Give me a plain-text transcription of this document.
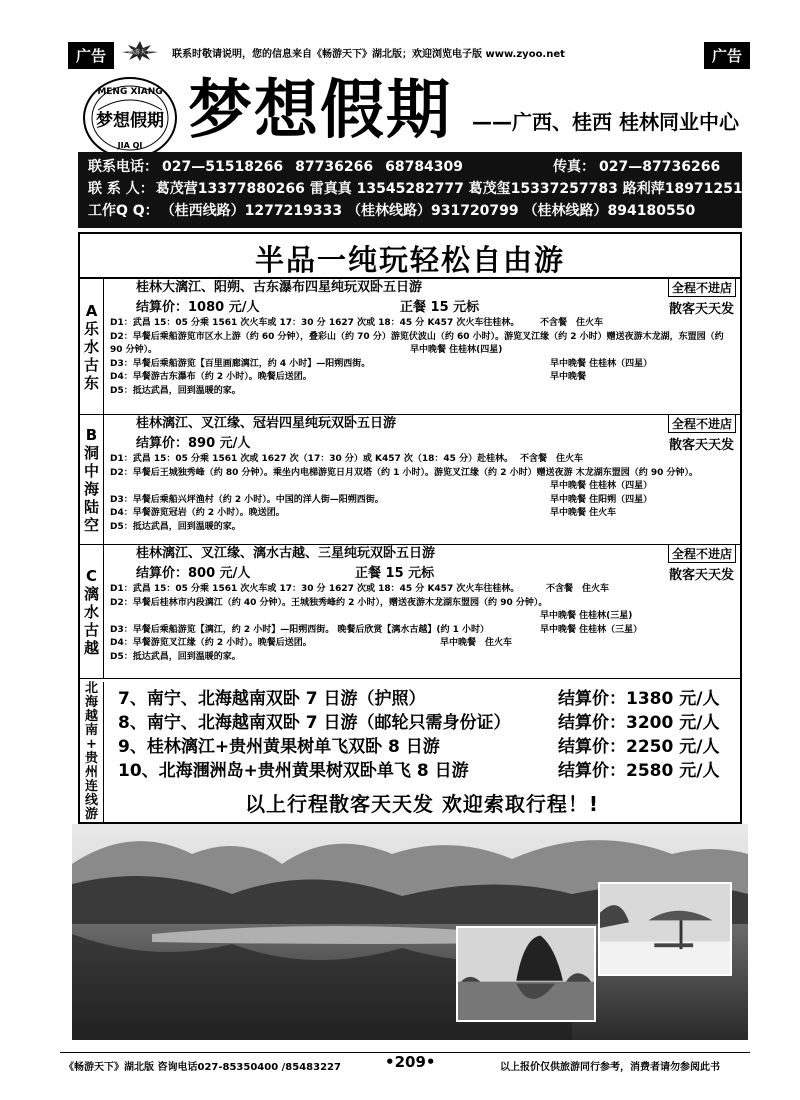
广告	广告
畅游天下 联系时敬请说明，您的信息来自《畅游天下》湖北版；欢迎浏览电子版 www.zyoo.net
MENG XIANG
梦想假期
JIA QI 梦想假期 ——广西、桂西 桂林同业中心
联系电话： 027—51518266 87736266 68784309	传真： 027—87736266
联 系 人： 葛茂营13377880266 雷真真 13545282777 葛茂玺15337257783 路利萍18971251563
工作Q Q： （桂西线路）1277219333 （桂林线路）931720799 （桂林线路）894180550
半品一纯玩轻松自由游
A
乐
水
古
东
桂林大漓江、阳朔、古东瀑布四星纯玩双卧五日游	全程不进店
散客天天发
结算价：1080 元/人	正餐 15 元标
D1：武昌 15：05 分乘 1561 次火车或 17：30 分 1627 次或 18：45 分 K457 次火车往桂林。 不含餐　住火车
D2：早餐后乘船游览市区水上游（约 60 分钟），叠彩山（约 70 分）游览伏波山（约 60 小时）。游览叉江缘（约 2 小时）赠送夜游木龙湖，东盟园（约 90 分钟）。	早中晚餐 住桂林(四星)
D3：早餐后乘船游览【百里画廊漓江，约 4 小时】—阳朔西街。	早中晚餐 住桂林（四星）
D4：早餐游古东瀑布（约 2 小时）。晚餐后送团。	早中晚餐
D5：抵达武昌，回到温暖的家。
B
洞
中
海
陆
空
桂林漓江、叉江缘、冠岩四星纯玩双卧五日游	全程不进店
散客天天发
结算价：890 元/人
D1：武昌 15：05 分乘 1561 次或 1627 次（17：30 分）或 K457 次（18：45 分）赴桂林。 不含餐　住火车
D2：早餐后王城独秀峰（约 80 分钟）。乘坐内电梯游览日月双塔（约 1 小时）。游览叉江缘（约 2 小时）赠送夜游 木龙湖东盟园（约 90 分钟）。
早中晚餐 住桂林（四星）
D3：早餐后乘船兴坪渔村（约 2 小时）。中国的洋人街—阳朔西街。	早中晚餐 住阳朔（四星）
D4：早餐游览冠岩（约 2 小时）。晚送团。	早中晚餐 住火车
D5：抵达武昌，回到温暖的家。
C
漓
水
古
越
桂林漓江、叉江缘、漓水古越、三星纯玩双卧五日游	全程不进店
散客天天发
结算价：800 元/人	正餐 15 元标
D1：武昌 15：05 分乘 1561 次火车或 17：30 分 1627 次或 18：45 分 K457 次火车往桂林。	不含餐　住火车
D2：早餐后桂林市内段漓江（约 40 分钟）。王城独秀峰约 2 小时），赠送夜游木龙湖东盟园（约 90 分钟）。
早中晚餐 住桂林(三星)
D3：早餐后乘船游览【漓江，约 2 小时】—阳朔西街。 晚餐后欣赏【漓水古越】(约 1 小时）	早中晚餐 住桂林（三星）
D4：早餐游览叉江缘（约 2 小时）。晚餐后送团。	早中晚餐　住火车
D5：抵达武昌，回到温暖的家。
北
海
越
南
+
贵
州
连
线
游
7、南宁、北海越南双卧 7 日游（护照）	结算价：1380 元/人
8、南宁、北海越南双卧 7 日游（邮轮只需身份证）	结算价：3200 元/人
9、桂林漓江+贵州黄果树单飞双卧 8 日游	结算价：2250 元/人
10、北海涠洲岛+贵州黄果树双卧单飞 8 日游	结算价：2580 元/人
以上行程散客天天发 欢迎索取行程！!
《畅游天下》湖北版 咨询电话027-85350400 /85483227	•209•	以上报价仅供旅游同行参考，消费者请勿参阅此书
